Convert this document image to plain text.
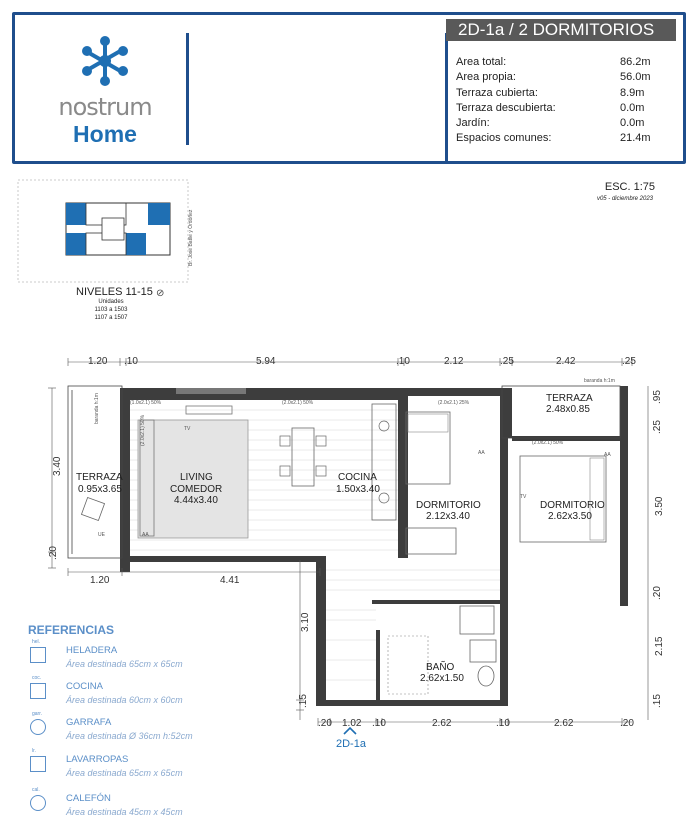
nostrum
Home
2D-1a / 2 DORMITORIOS
Area total:	86.2m
Area propia:	56.0m
Terraza cubierta:	8.9m
Terraza descubierta:	0.0m
Jardín:	0.0m
Espacios comunes:	21.4m
ESC. 1:75
v05 - diciembre 2023
Br. José Batlle y Ordóñez
NIVELES 11-15 ⊘
Unidades
1103 a 1503
1107 a 1507
1.20 .10	5.94	.10	2.12	.25	2.42	.25
TERRAZA
0.95x3.65
LIVING
COMEDOR
4.44x3.40
COCINA
1.50x3.40
DORMITORIO
2.12x3.40
DORMITORIO
2.62x3.50
TERRAZA
2.48x0.85
BAÑO
2.62x1.50
baranda h:1m
baranda h:1m	(1.0x2.1) 50%	(2.0x2.1) 50%	(2.0x2.1) 25%
(2.0x2.1) 50%
(2.0x2.1) 50%	TV
TV
AA
AA	AA
UE
1.20	4.41
3.40
.20
3.10
.15
.95
.25
3.50
.20
2.15
.15
.20 1.02 .10	2.62	.10	2.62	.20
2D-1a
REFERENCIAS
hel.
HELADERA
Área destinada 65cm x 65cm
coc.
COCINA
Área destinada 60cm x 60cm
garr.
GARRAFA
Área destinada Ø 36cm h:52cm
lr.
LAVARROPAS
Área destinada 65cm x 65cm
cal.
CALEFÓN
Área destinada 45cm x 45cm
